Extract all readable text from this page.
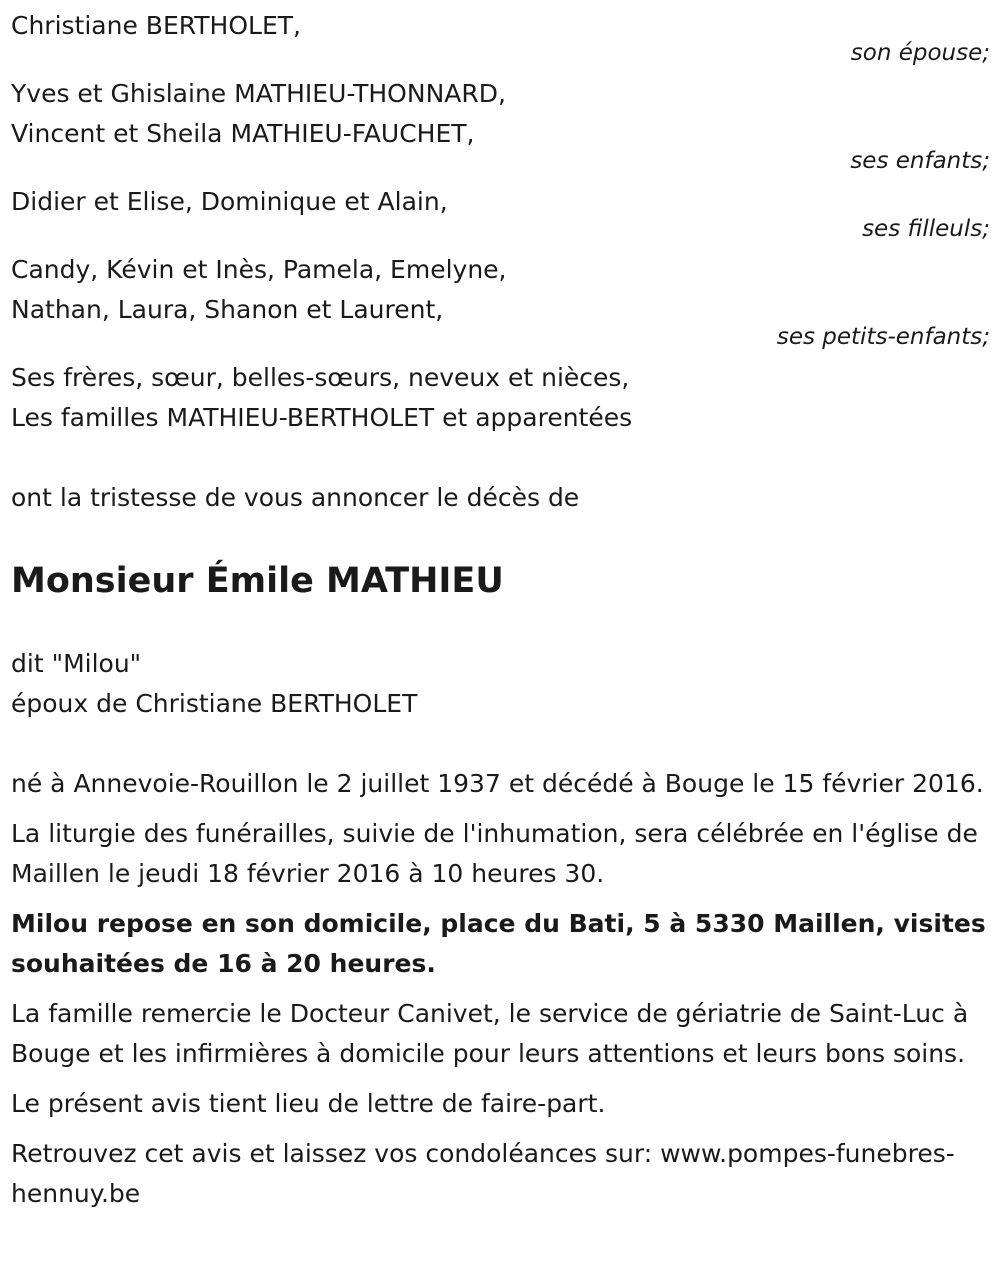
Christiane BERTHOLET,
son épouse;
Yves et Ghislaine MATHIEU-THONNARD,
Vincent et Sheila MATHIEU-FAUCHET,
ses enfants;
Didier et Elise, Dominique et Alain,
ses filleuls;
Candy, Kévin et Inès, Pamela, Emelyne,
Nathan, Laura, Shanon et Laurent,
ses petits-enfants;
Ses frères, sœur, belles-sœurs, neveux et nièces,
Les familles MATHIEU-BERTHOLET et apparentées
ont la tristesse de vous annoncer le décès de
Monsieur Émile MATHIEU
dit "Milou"
époux de Christiane BERTHOLET

né à Annevoie-Rouillon le 2 juillet 1937 et décédé à Bouge le 15 février 2016.

La liturgie des funérailles, suivie de l'inhumation, sera célébrée en l'église de Maillen le jeudi 18 février 2016 à 10 heures 30.

Milou repose en son domicile, place du Bati, 5 à 5330 Maillen, visites souhaitées de 16 à 20 heures.

La famille remercie le Docteur Canivet, le service de gériatrie de Saint-Luc à Bouge et les infirmières à domicile pour leurs attentions et leurs bons soins.

Le présent avis tient lieu de lettre de faire-part.

Retrouvez cet avis et laissez vos condoléances sur: www.pompes-funebres-hennuy.be
